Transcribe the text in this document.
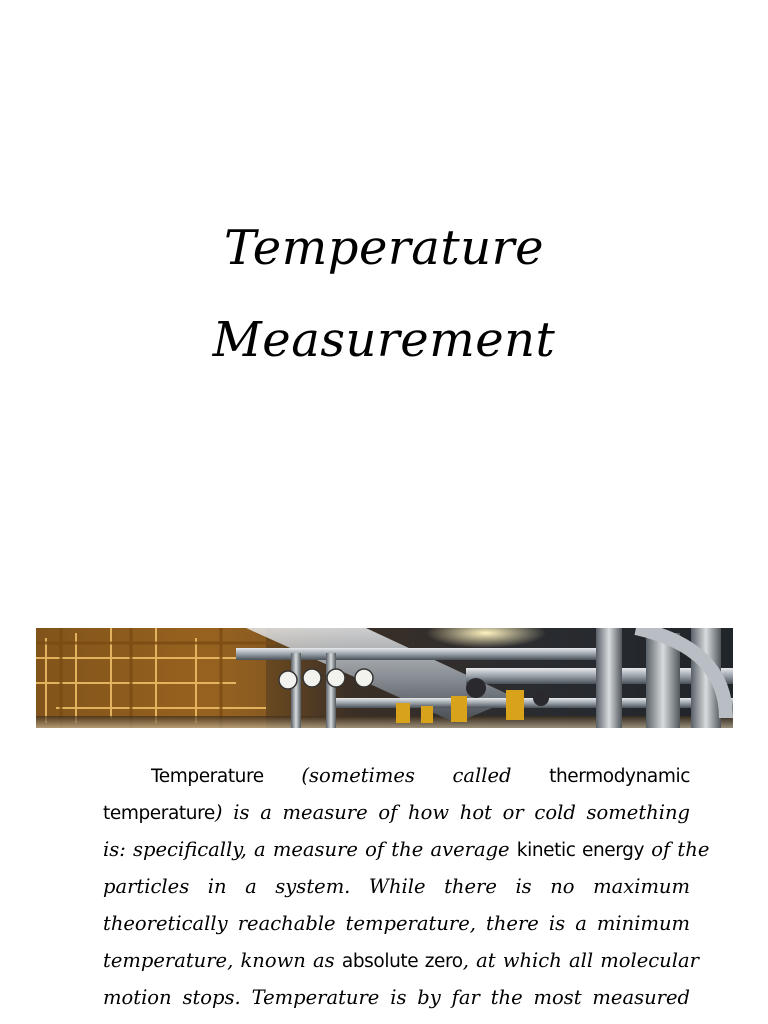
Temperature
Measurement
Temperature (sometimes called thermodynamic
temperature) is a measure of how hot or cold something
is: specifically, a measure of the average kinetic energy of the
particles in a system. While there is no maximum
theoretically reachable temperature, there is a minimum
temperature, known as absolute zero, at which all molecular
motion stops. Temperature is by far the most measured
